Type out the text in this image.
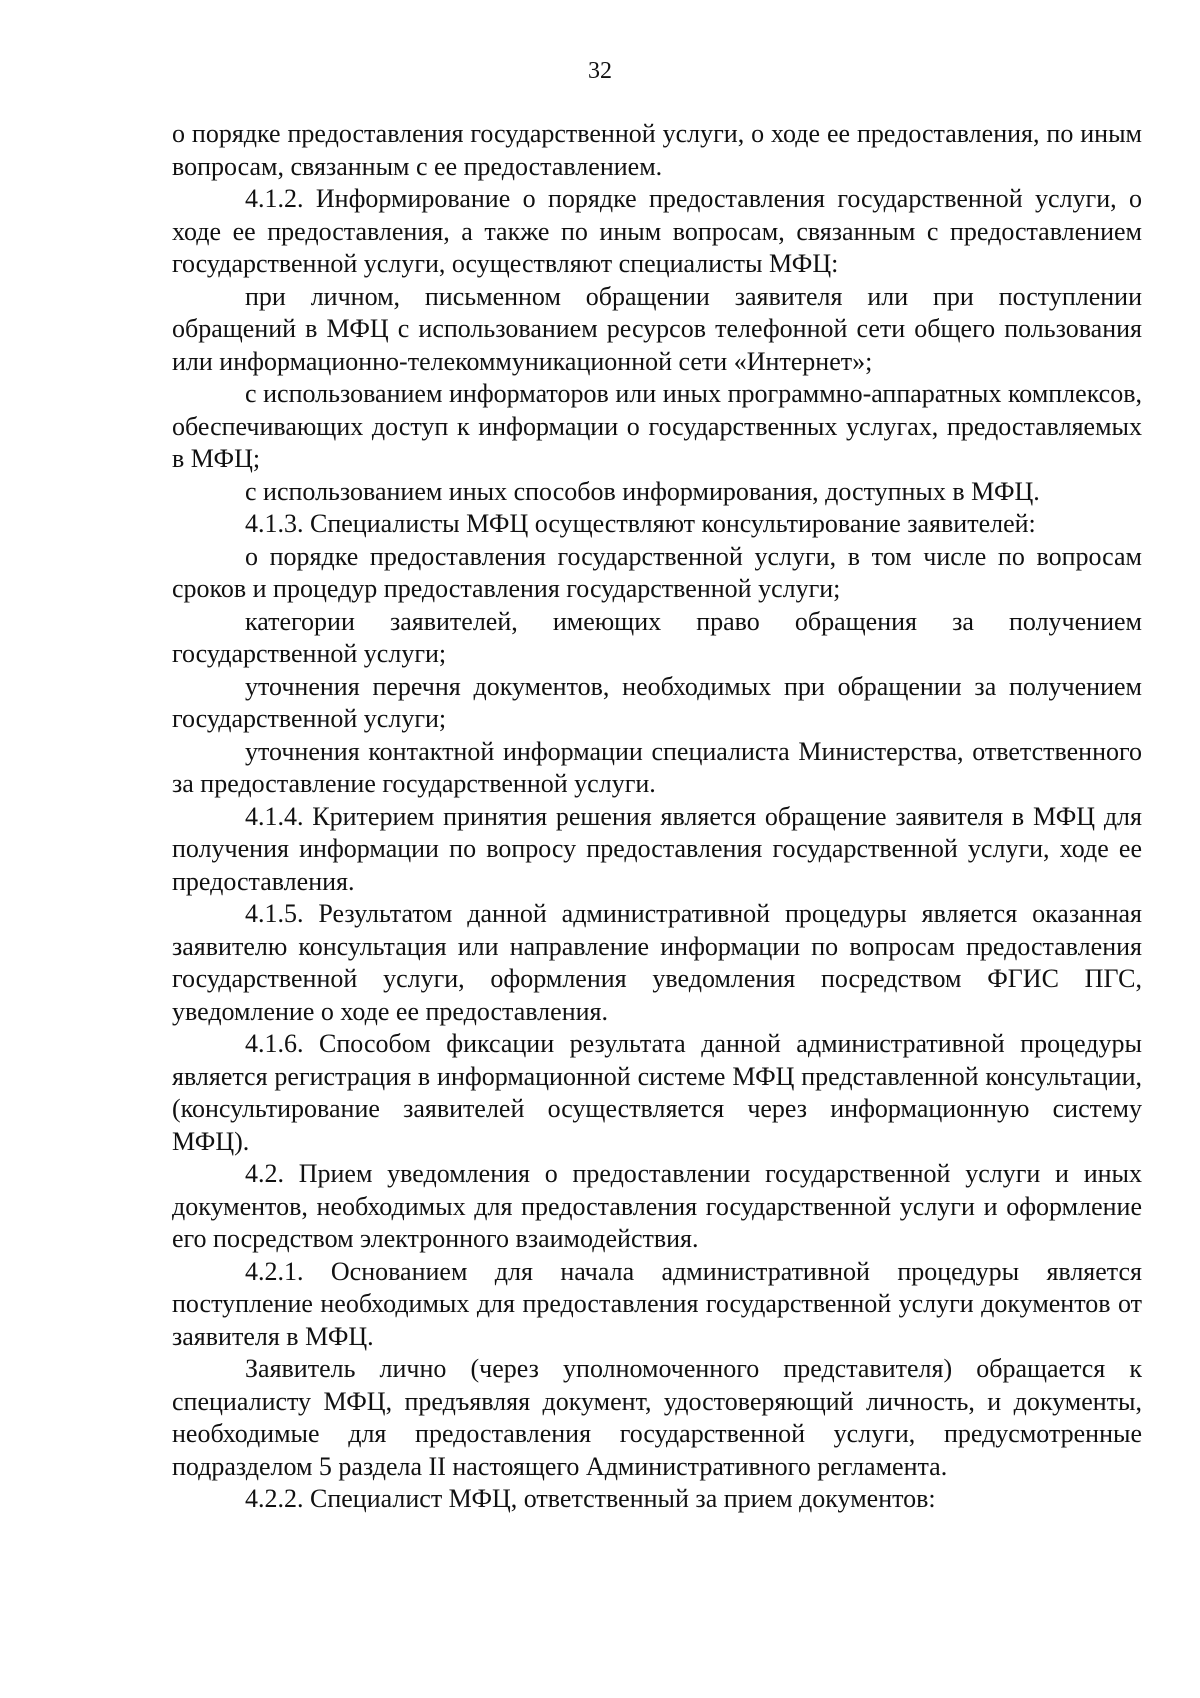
32

о порядке предоставления государственной услуги, о ходе ее предоставления, по иным вопросам, связанным с ее предоставлением.

4.1.2. Информирование о порядке предоставления государственной услуги, о ходе ее предоставления, а также по иным вопросам, связанным с предоставлением государственной услуги, осуществляют специалисты МФЦ:

при личном, письменном обращении заявителя или при поступлении обращений в МФЦ с использованием ресурсов телефонной сети общего пользования или информационно-телекоммуникационной сети «Интернет»;

с использованием информаторов или иных программно-аппаратных комплексов, обеспечивающих доступ к информации о государственных услугах, предоставляемых в МФЦ;

с использованием иных способов информирования, доступных в МФЦ.

4.1.3. Специалисты МФЦ осуществляют консультирование заявителей:

о порядке предоставления государственной услуги, в том числе по вопросам сроков и процедур предоставления государственной услуги;

категории заявителей, имеющих право обращения за получением государственной услуги;

уточнения перечня документов, необходимых при обращении за получением государственной услуги;

уточнения контактной информации специалиста Министерства, ответственного за предоставление государственной услуги.

4.1.4. Критерием принятия решения является обращение заявителя в МФЦ для получения информации по вопросу предоставления государственной услуги, ходе ее предоставления.

4.1.5. Результатом данной административной процедуры является оказанная заявителю консультация или направление информации по вопросам предоставления государственной услуги, оформления уведомления посредством ФГИС ПГС, уведомление о ходе ее предоставления.

4.1.6. Способом фиксации результата данной административной процедуры является регистрация в информационной системе МФЦ представленной консультации, (консультирование заявителей осуществляется через информационную систему МФЦ).

4.2. Прием уведомления о предоставлении государственной услуги и иных документов, необходимых для предоставления государственной услуги и оформление его посредством электронного взаимодействия.

4.2.1. Основанием для начала административной процедуры является поступление необходимых для предоставления государственной услуги документов от заявителя в МФЦ.

Заявитель лично (через уполномоченного представителя) обращается к специалисту МФЦ, предъявляя документ, удостоверяющий личность, и документы, необходимые для предоставления государственной услуги, предусмотренные подразделом 5 раздела II настоящего Административного регламента.

4.2.2. Специалист МФЦ, ответственный за прием документов:
